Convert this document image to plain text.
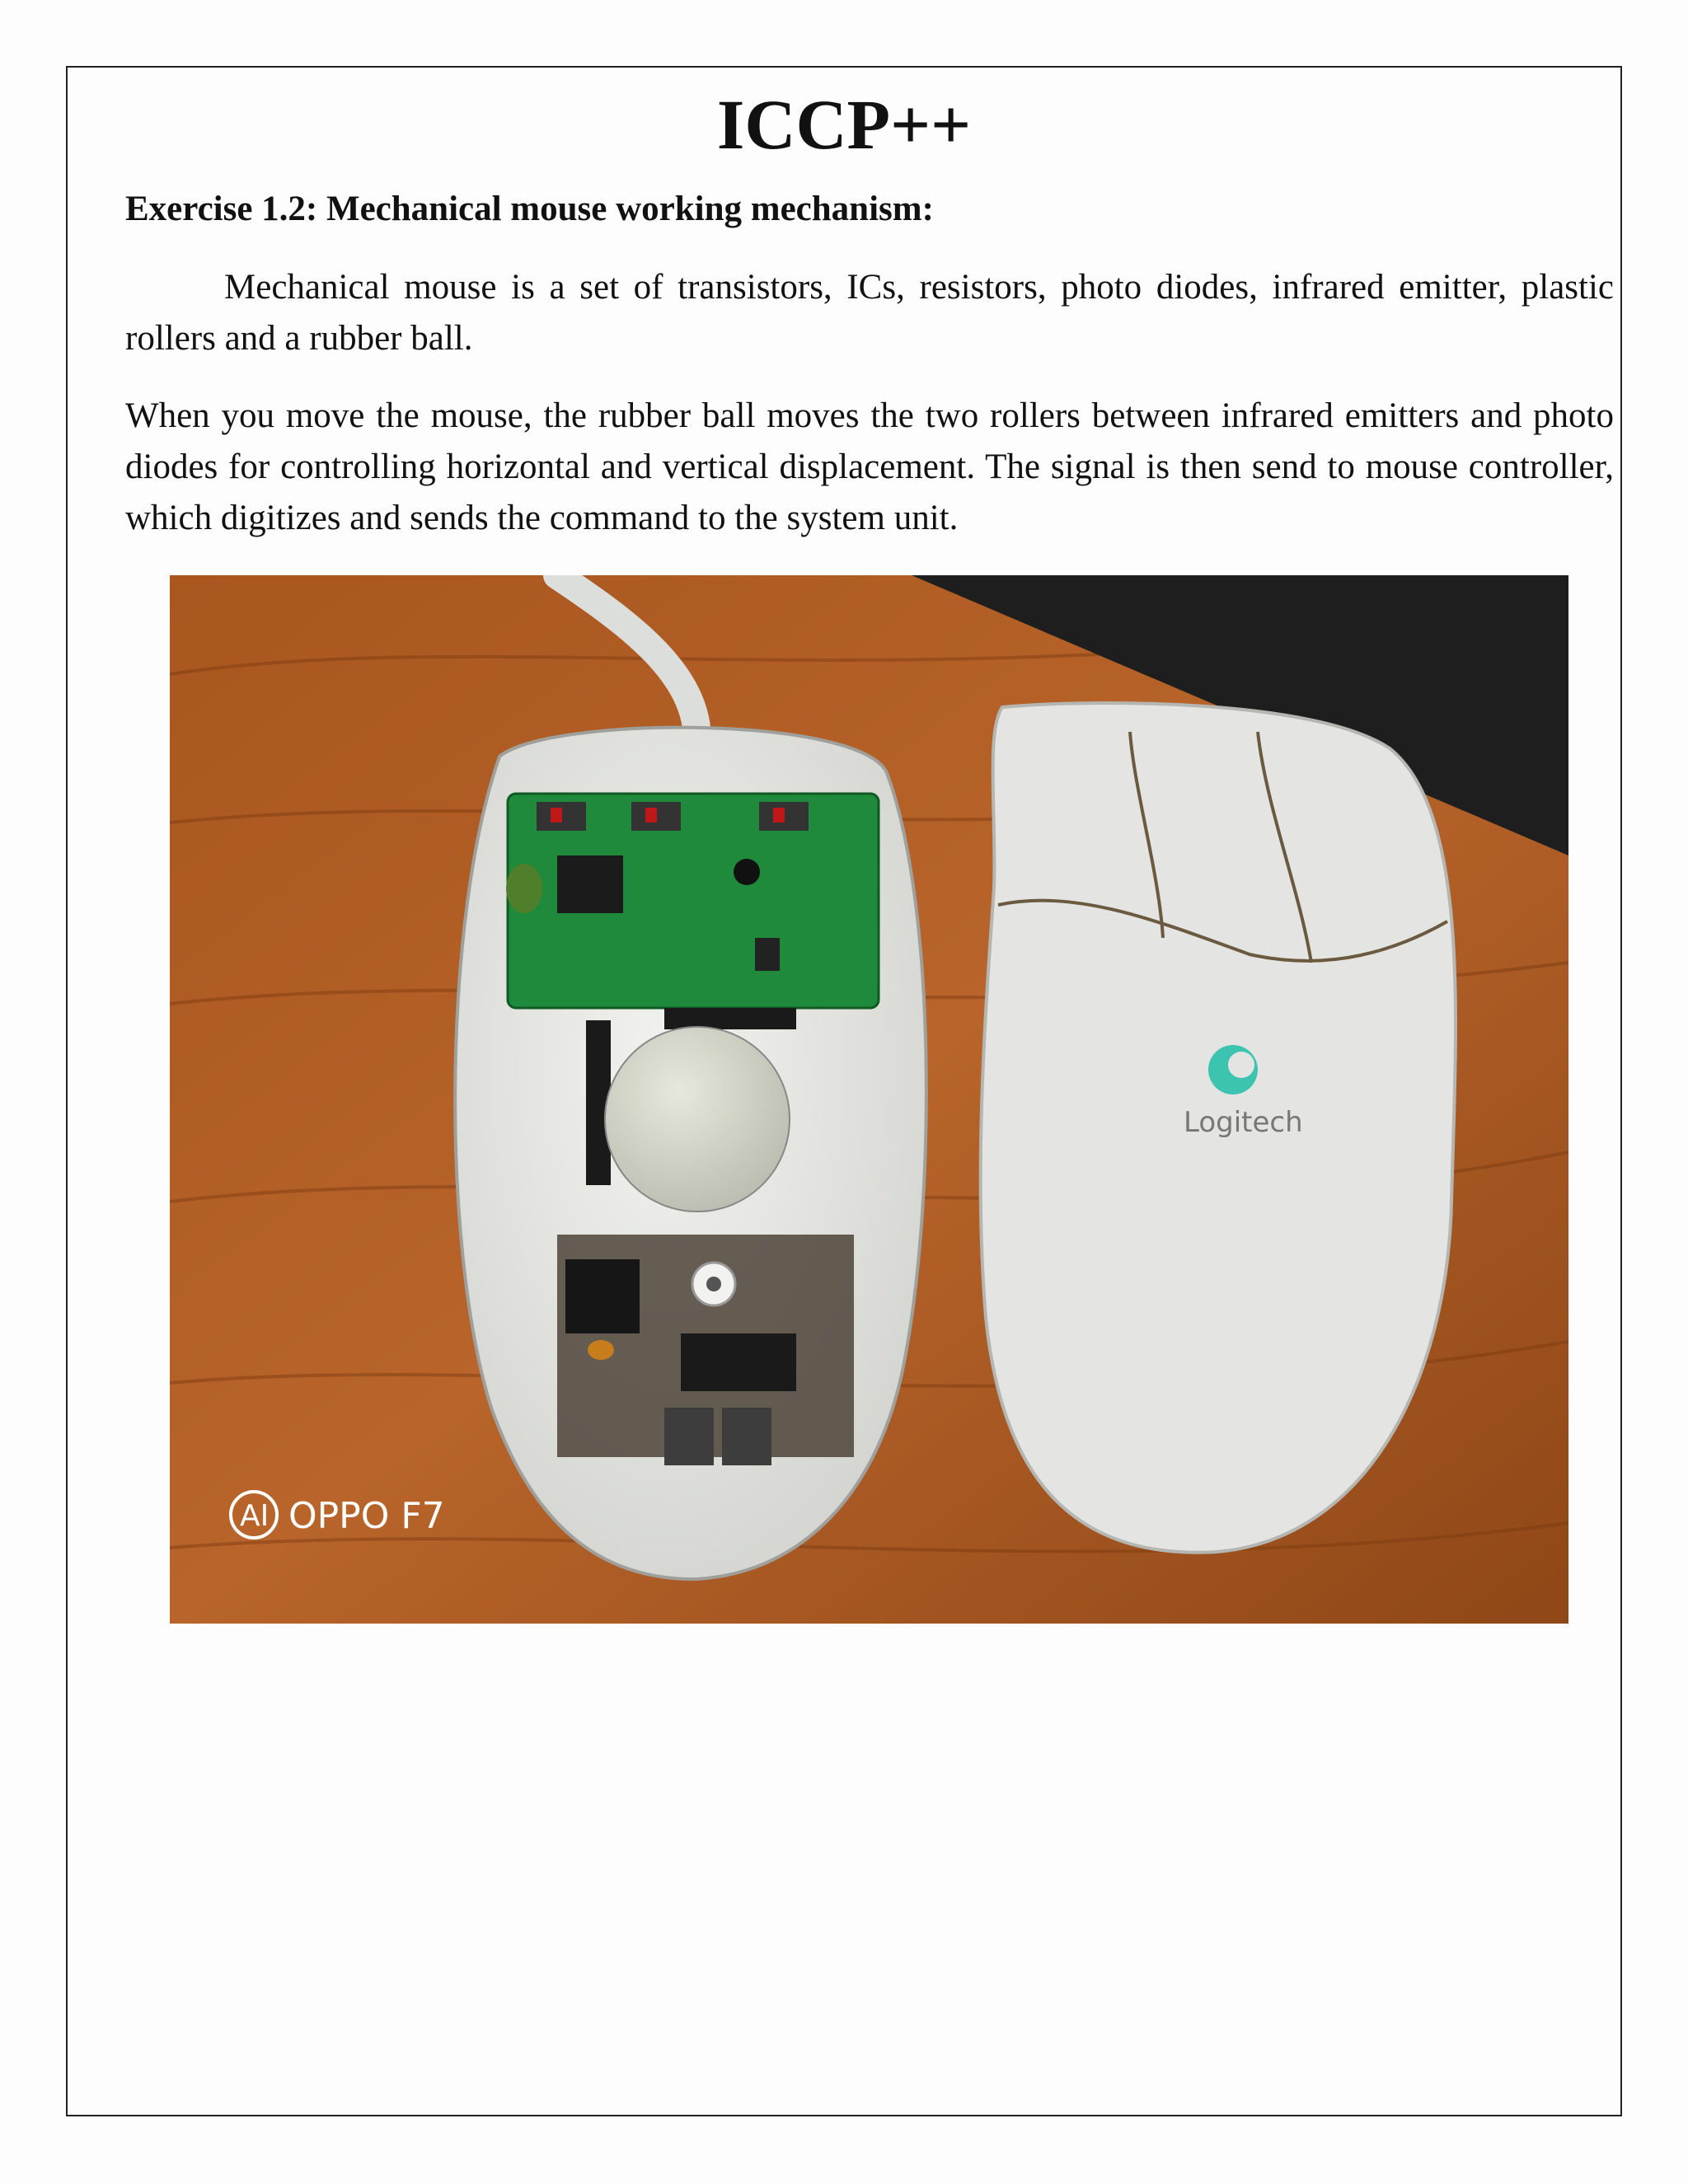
ICCP++
Exercise 1.2: Mechanical mouse working mechanism:

Mechanical mouse is a set of transistors, ICs, resistors, photo diodes, infrared emitter, plastic rollers and a rubber ball.

When you move the mouse, the rubber ball moves the two rollers between infrared emitters and photo diodes for controlling horizontal and vertical displacement. The signal is then send to mouse controller, which digitizes and sends the command to the system unit.

Logitech
AI OPPO F7
